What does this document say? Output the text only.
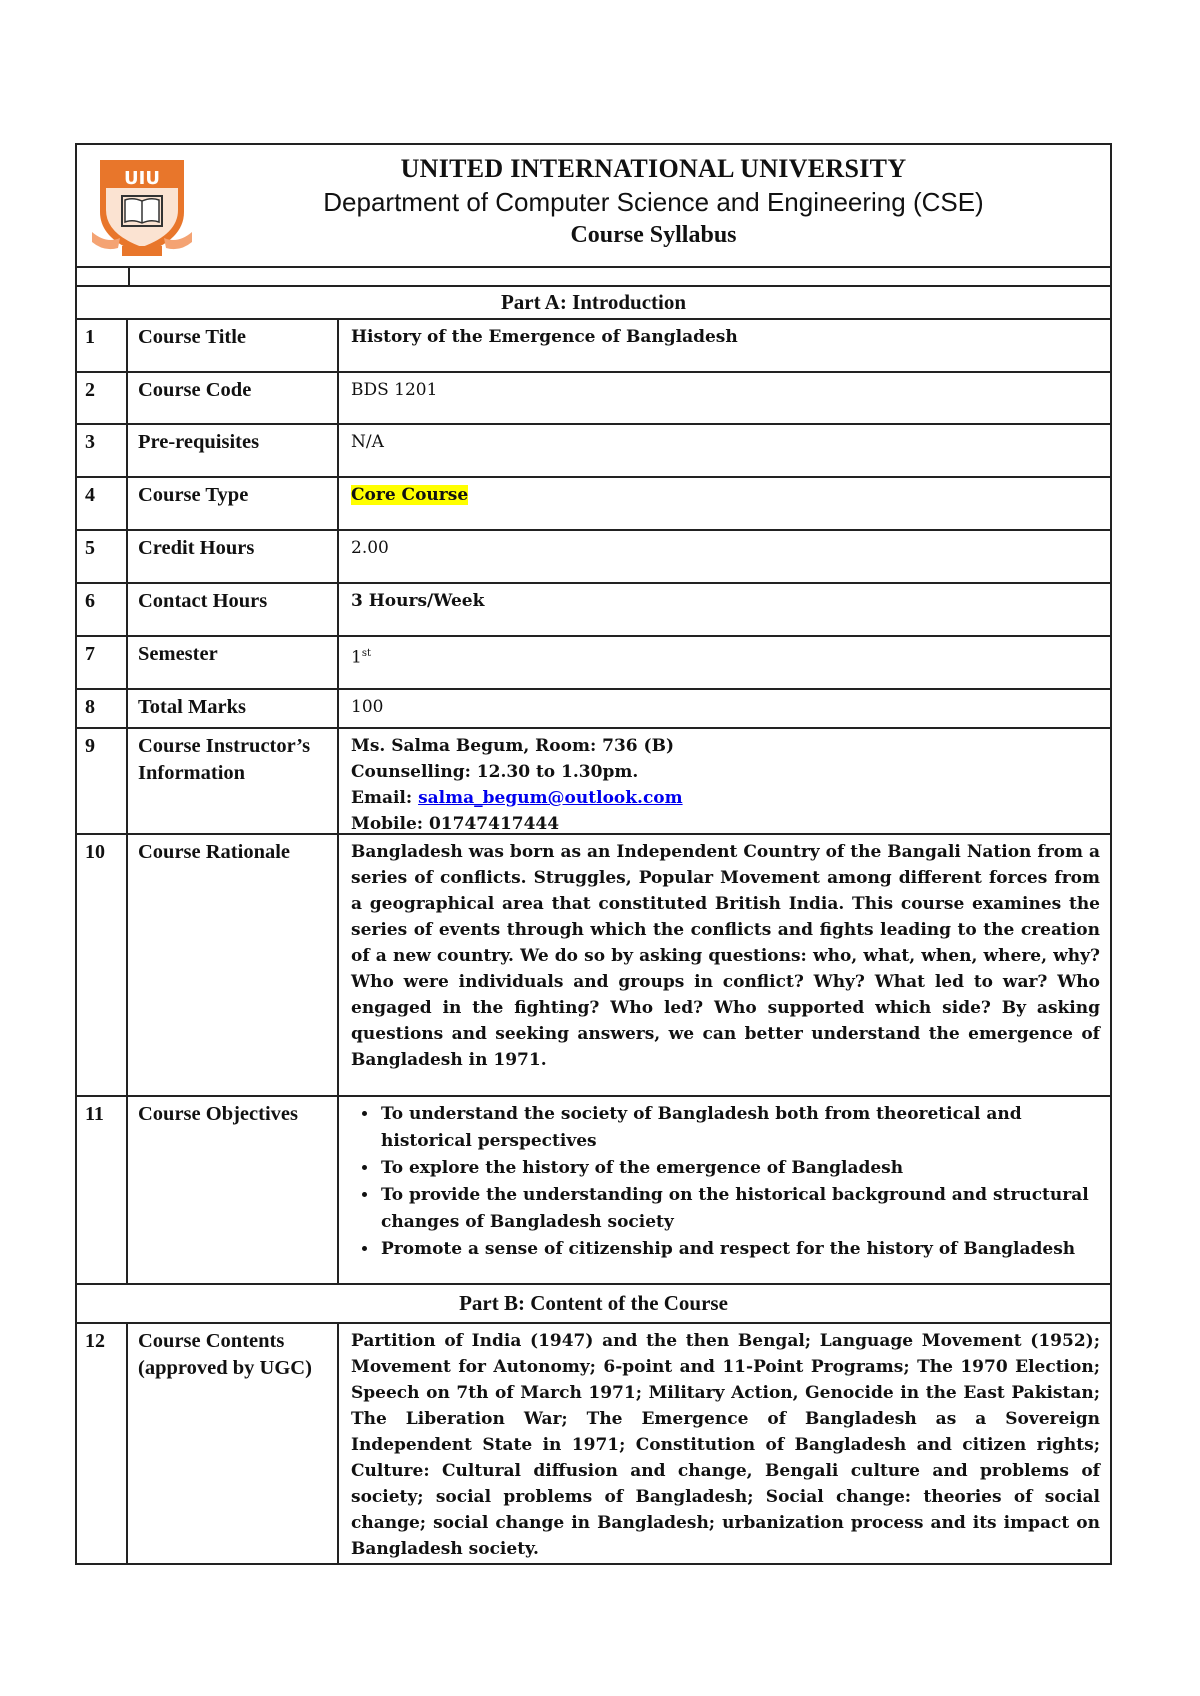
UIU	UNITED INTERNATIONAL UNIVERSITY
Department of Computer Science and Engineering (CSE)
Course Syllabus
Part A: Introduction
1	Course Title	History of the Emergence of Bangladesh
2	Course Code	BDS 1201
3	Pre-requisites	N/A
4	Course Type	Core Course
5	Credit Hours	2.00
6	Contact Hours	3 Hours/Week
7	Semester	1st
8	Total Marks	100
9	Course Instructor’s Information
Ms. Salma Begum, Room: 736 (B)
Counselling: 12.30 to 1.30pm.
Email: salma_begum@outlook.com
Mobile: 01747417444
10	Course Rationale	Bangladesh was born as an Independent Country of the Bangali Nation from a series of conflicts. Struggles, Popular Movement among different forces from a geographical area that constituted British India. This course examines the series of events through which the conflicts and fights leading to the creation of a new country. We do so by asking questions: who, what, when, where, why? Who were individuals and groups in conflict? Why? What led to war? Who engaged in the fighting? Who led? Who supported which side? By asking questions and seeking answers, we can better understand the emergence of Bangladesh in 1971.
11	Course Objectives
•	To understand the society of Bangladesh both from theoretical and historical perspectives
• To explore the history of the emergence of Bangladesh
• To provide the understanding on the historical background and structural changes of Bangladesh society
• Promote a sense of citizenship and respect for the history of Bangladesh
Part B: Content of the Course
12	Course Contents (approved by UGC)
Partition of India (1947) and the then Bengal; Language Movement (1952); Movement for Autonomy; 6-point and 11-Point Programs; The 1970 Election; Speech on 7th of March 1971; Military Action, Genocide in the East Pakistan; The Liberation War; The Emergence of Bangladesh as a Sovereign Independent State in 1971; Constitution of Bangladesh and citizen rights; Culture: Cultural diffusion and change, Bengali culture and problems of society; social problems of Bangladesh; Social change: theories of social change; social change in Bangladesh; urbanization process and its impact on Bangladesh society.
